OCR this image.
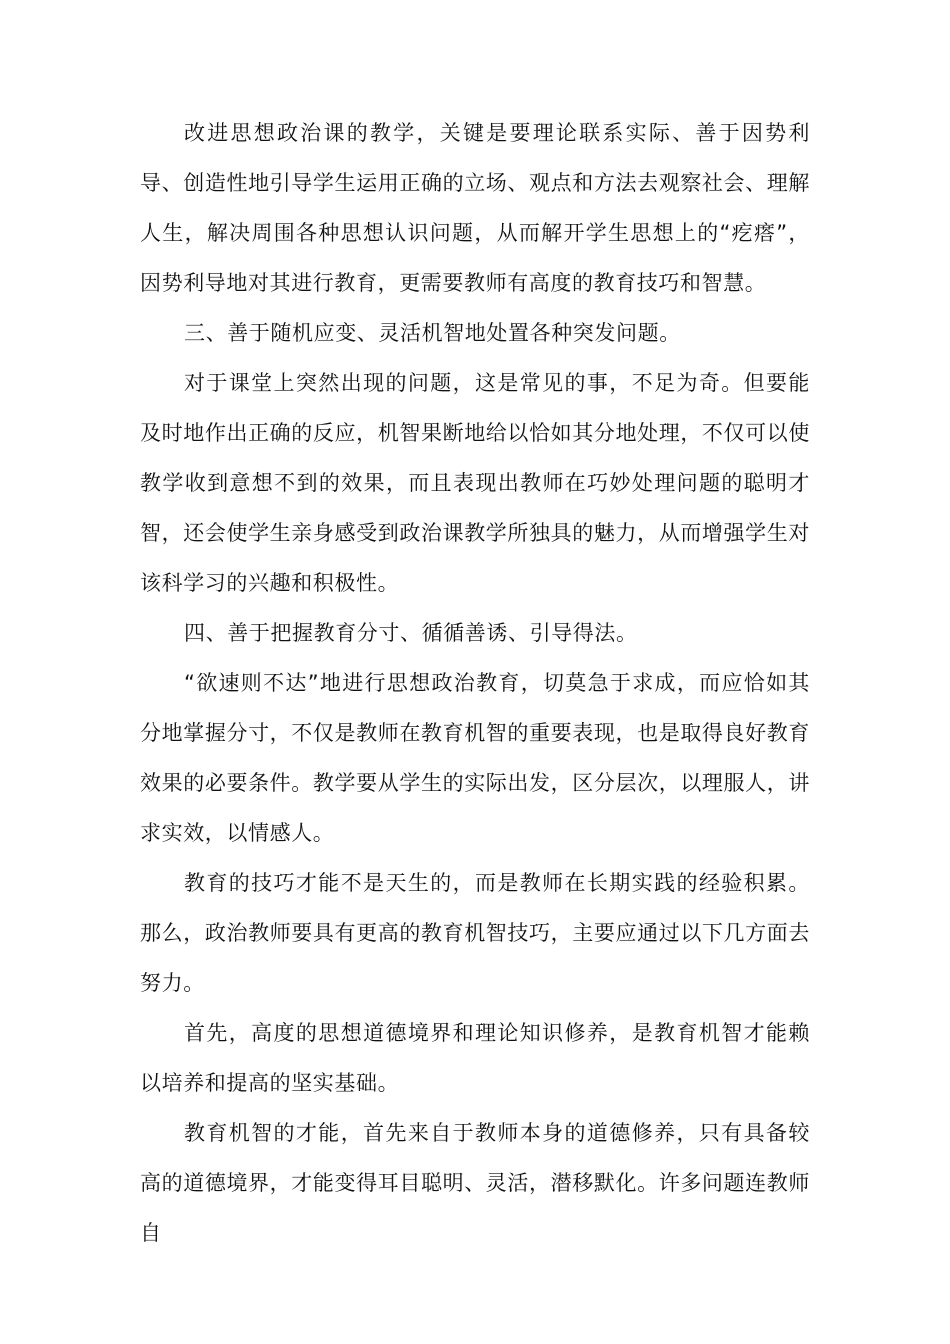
改进思想政治课的教学，关键是要理论联系实际、善于因势利导、创造性地引导学生运用正确的立场、观点和方法去观察社会、理解人生，解决周围各种思想认识问题，从而解开学生思想上的“疙瘩”，因势利导地对其进行教育，更需要教师有高度的教育技巧和智慧。

三、善于随机应变、灵活机智地处置各种突发问题。

对于课堂上突然出现的问题，这是常见的事，不足为奇。但要能及时地作出正确的反应，机智果断地给以恰如其分地处理，不仅可以使教学收到意想不到的效果，而且表现出教师在巧妙处理问题的聪明才智，还会使学生亲身感受到政治课教学所独具的魅力，从而增强学生对该科学习的兴趣和积极性。

四、善于把握教育分寸、循循善诱、引导得法。

“欲速则不达”地进行思想政治教育，切莫急于求成，而应恰如其分地掌握分寸，不仅是教师在教育机智的重要表现，也是取得良好教育效果的必要条件。教学要从学生的实际出发，区分层次，以理服人，讲求实效，以情感人。

教育的技巧才能不是天生的，而是教师在长期实践的经验积累。那么，政治教师要具有更高的教育机智技巧，主要应通过以下几方面去努力。

首先，高度的思想道德境界和理论知识修养，是教育机智才能赖以培养和提高的坚实基础。

教育机智的才能，首先来自于教师本身的道德修养，只有具备较高的道德境界，才能变得耳目聪明、灵活，潜移默化。许多问题连教师自
